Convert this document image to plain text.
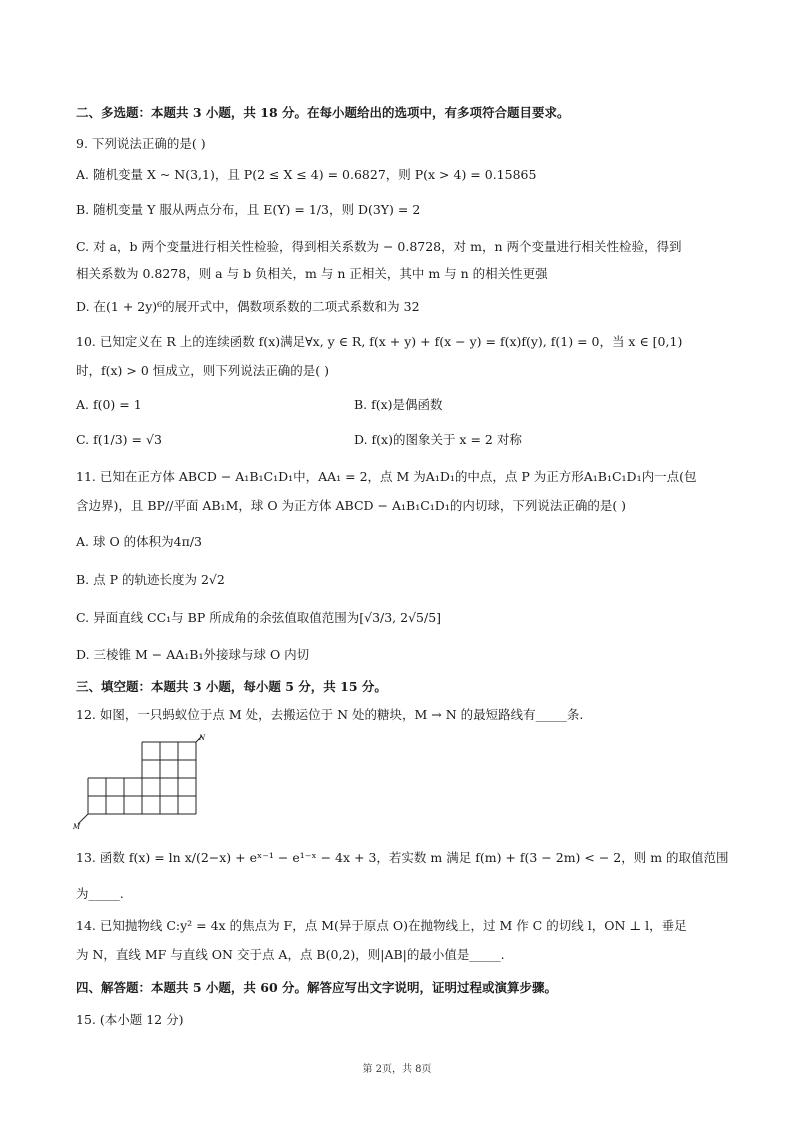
二、多选题：本题共 3 小题，共 18 分。在每小题给出的选项中，有多项符合题目要求。
9. 下列说法正确的是( )
A. 随机变量 X ~ N(3,1)，且 P(2 ≤ X ≤ 4) = 0.6827，则 P(x > 4) = 0.15865
B. 随机变量 Y 服从两点分布，且 E(Y) = 1/3，则 D(3Y) = 2
C. 对 a，b 两个变量进行相关性检验，得到相关系数为 − 0.8728，对 m，n 两个变量进行相关性检验，得到
相关系数为 0.8278，则 a 与 b 负相关，m 与 n 正相关，其中 m 与 n 的相关性更强
D. 在(1 + 2y)⁶的展开式中，偶数项系数的二项式系数和为 32
10. 已知定义在 R 上的连续函数 f(x)满足∀x, y ∈ R, f(x + y) + f(x − y) = f(x)f(y), f(1) = 0，当 x ∈ [0,1)
时，f(x) > 0 恒成立，则下列说法正确的是( )
A. f(0) = 1	B. f(x)是偶函数
C. f(1/3) = √3	D. f(x)的图象关于 x = 2 对称
11. 已知在正方体 ABCD − A₁B₁C₁D₁中，AA₁ = 2，点 M 为A₁D₁的中点，点 P 为正方形A₁B₁C₁D₁内一点(包
含边界)，且 BP//平面 AB₁M，球 O 为正方体 ABCD − A₁B₁C₁D₁的内切球，下列说法正确的是( )
A. 球 O 的体积为4π/3
B. 点 P 的轨迹长度为 2√2
C. 异面直线 CC₁与 BP 所成角的余弦值取值范围为[√3/3, 2√5/5]
D. 三棱锥 M − AA₁B₁外接球与球 O 内切
三、填空题：本题共 3 小题，每小题 5 分，共 15 分。
12. 如图，一只蚂蚁位于点 M 处，去搬运位于 N 处的糖块，M → N 的最短路线有_____条.
N
M
13. 函数 f(x) = ln x/(2−x) + eˣ⁻¹ − e¹⁻ˣ − 4x + 3，若实数 m 满足 f(m) + f(3 − 2m) < − 2，则 m 的取值范围
为_____.
14. 已知抛物线 C:y² = 4x 的焦点为 F，点 M(异于原点 O)在抛物线上，过 M 作 C 的切线 l，ON ⊥ l，垂足
为 N，直线 MF 与直线 ON 交于点 A，点 B(0,2)，则|AB|的最小值是_____.
四、解答题：本题共 5 小题，共 60 分。解答应写出文字说明，证明过程或演算步骤。
15. (本小题 12 分)
第 2页，共 8页
